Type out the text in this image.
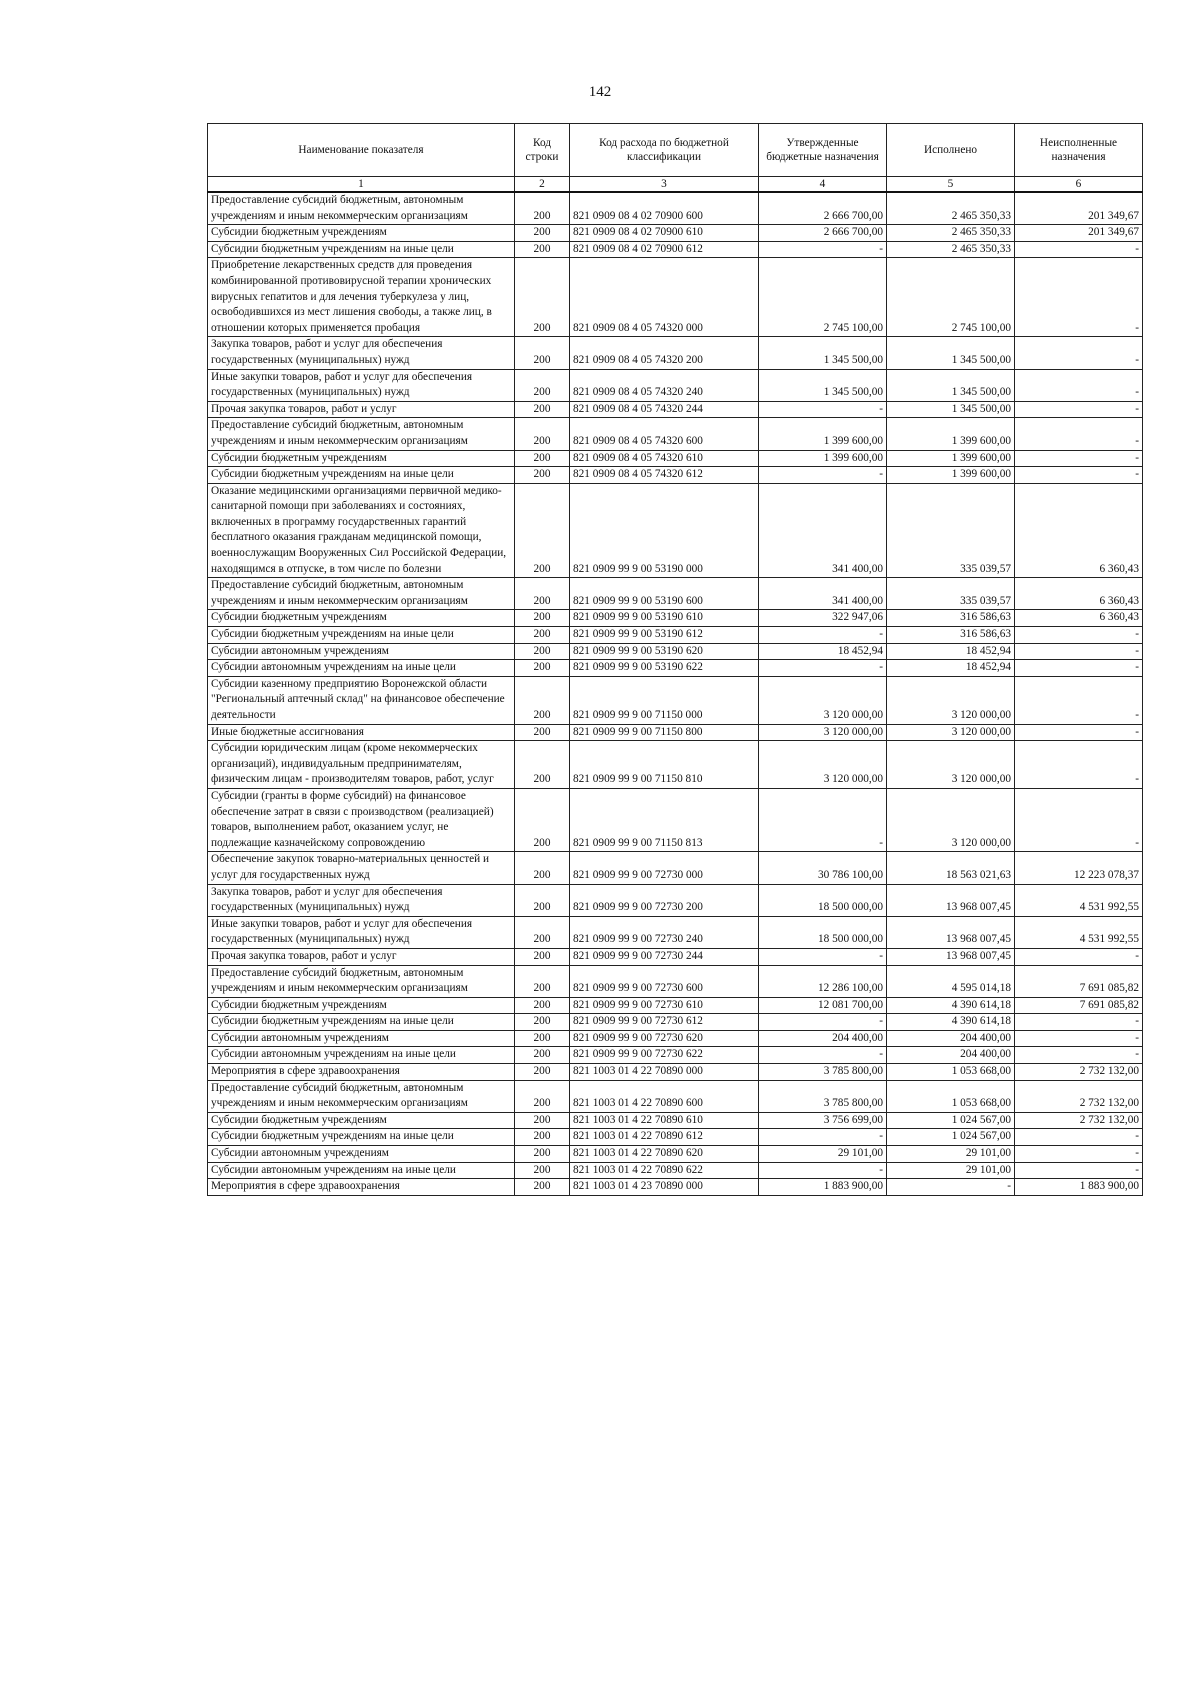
142
Наименование показателя	Код строки	Код расхода по бюджетной классификации	Утвержденные бюджетные назначения	Исполнено	Неисполненные назначения
1	2	3	4	5	6
Предоставление субсидий бюджетным, автономным учреждениям и иным некоммерческим организациям	200	821 0909 08 4 02 70900 600	2 666 700,00	2 465 350,33	201 349,67
Субсидии бюджетным учреждениям	200	821 0909 08 4 02 70900 610	2 666 700,00	2 465 350,33	201 349,67
Субсидии бюджетным учреждениям на иные цели	200	821 0909 08 4 02 70900 612	-	2 465 350,33	-
Приобретение лекарственных средств для проведения комбинированной противовирусной терапии хронических вирусных гепатитов и для лечения туберкулеза у лиц, освободившихся из мест лишения свободы, а также лиц, в отношении которых применяется пробация	200	821 0909 08 4 05 74320 000	2 745 100,00	2 745 100,00	-
Закупка товаров, работ и услуг для обеспечения государственных (муниципальных) нужд	200	821 0909 08 4 05 74320 200	1 345 500,00	1 345 500,00	-
Иные закупки товаров, работ и услуг для обеспечения государственных (муниципальных) нужд	200	821 0909 08 4 05 74320 240	1 345 500,00	1 345 500,00	-
Прочая закупка товаров, работ и услуг	200	821 0909 08 4 05 74320 244	-	1 345 500,00	-
Предоставление субсидий бюджетным, автономным учреждениям и иным некоммерческим организациям	200	821 0909 08 4 05 74320 600	1 399 600,00	1 399 600,00	-
Субсидии бюджетным учреждениям	200	821 0909 08 4 05 74320 610	1 399 600,00	1 399 600,00	-
Субсидии бюджетным учреждениям на иные цели	200	821 0909 08 4 05 74320 612	-	1 399 600,00	-
Оказание медицинскими организациями первичной медико-санитарной помощи при заболеваниях и состояниях, включенных в программу государственных гарантий бесплатного оказания гражданам медицинской помощи, военнослужащим Вооруженных Сил Российской Федерации, находящимся в отпуске, в том числе по болезни	200	821 0909 99 9 00 53190 000	341 400,00	335 039,57	6 360,43
Предоставление субсидий бюджетным, автономным учреждениям и иным некоммерческим организациям	200	821 0909 99 9 00 53190 600	341 400,00	335 039,57	6 360,43
Субсидии бюджетным учреждениям	200	821 0909 99 9 00 53190 610	322 947,06	316 586,63	6 360,43
Субсидии бюджетным учреждениям на иные цели	200	821 0909 99 9 00 53190 612	-	316 586,63	-
Субсидии автономным учреждениям	200	821 0909 99 9 00 53190 620	18 452,94	18 452,94	-
Субсидии автономным учреждениям на иные цели	200	821 0909 99 9 00 53190 622	-	18 452,94	-
Субсидии казенному предприятию Воронежской области "Региональный аптечный склад" на финансовое обеспечение деятельности	200	821 0909 99 9 00 71150 000	3 120 000,00	3 120 000,00	-
Иные бюджетные ассигнования	200	821 0909 99 9 00 71150 800	3 120 000,00	3 120 000,00	-
Субсидии юридическим лицам (кроме некоммерческих организаций), индивидуальным предпринимателям, физическим лицам - производителям товаров, работ, услуг	200	821 0909 99 9 00 71150 810	3 120 000,00	3 120 000,00	-
Субсидии (гранты в форме субсидий) на финансовое обеспечение затрат в связи с производством (реализацией) товаров, выполнением работ, оказанием услуг, не подлежащие казначейскому сопровождению	200	821 0909 99 9 00 71150 813	-	3 120 000,00	-
Обеспечение закупок товарно-материальных ценностей и услуг для государственных нужд	200	821 0909 99 9 00 72730 000	30 786 100,00	18 563 021,63	12 223 078,37
Закупка товаров, работ и услуг для обеспечения государственных (муниципальных) нужд	200	821 0909 99 9 00 72730 200	18 500 000,00	13 968 007,45	4 531 992,55
Иные закупки товаров, работ и услуг для обеспечения государственных (муниципальных) нужд	200	821 0909 99 9 00 72730 240	18 500 000,00	13 968 007,45	4 531 992,55
Прочая закупка товаров, работ и услуг	200	821 0909 99 9 00 72730 244	-	13 968 007,45	-
Предоставление субсидий бюджетным, автономным учреждениям и иным некоммерческим организациям	200	821 0909 99 9 00 72730 600	12 286 100,00	4 595 014,18	7 691 085,82
Субсидии бюджетным учреждениям	200	821 0909 99 9 00 72730 610	12 081 700,00	4 390 614,18	7 691 085,82
Субсидии бюджетным учреждениям на иные цели	200	821 0909 99 9 00 72730 612	-	4 390 614,18	-
Субсидии автономным учреждениям	200	821 0909 99 9 00 72730 620	204 400,00	204 400,00	-
Субсидии автономным учреждениям на иные цели	200	821 0909 99 9 00 72730 622	-	204 400,00	-
Мероприятия в сфере здравоохранения	200	821 1003 01 4 22 70890 000	3 785 800,00	1 053 668,00	2 732 132,00
Предоставление субсидий бюджетным, автономным учреждениям и иным некоммерческим организациям	200	821 1003 01 4 22 70890 600	3 785 800,00	1 053 668,00	2 732 132,00
Субсидии бюджетным учреждениям	200	821 1003 01 4 22 70890 610	3 756 699,00	1 024 567,00	2 732 132,00
Субсидии бюджетным учреждениям на иные цели	200	821 1003 01 4 22 70890 612	-	1 024 567,00	-
Субсидии автономным учреждениям	200	821 1003 01 4 22 70890 620	29 101,00	29 101,00	-
Субсидии автономным учреждениям на иные цели	200	821 1003 01 4 22 70890 622	-	29 101,00	-
Мероприятия в сфере здравоохранения	200	821 1003 01 4 23 70890 000	1 883 900,00	-	1 883 900,00
